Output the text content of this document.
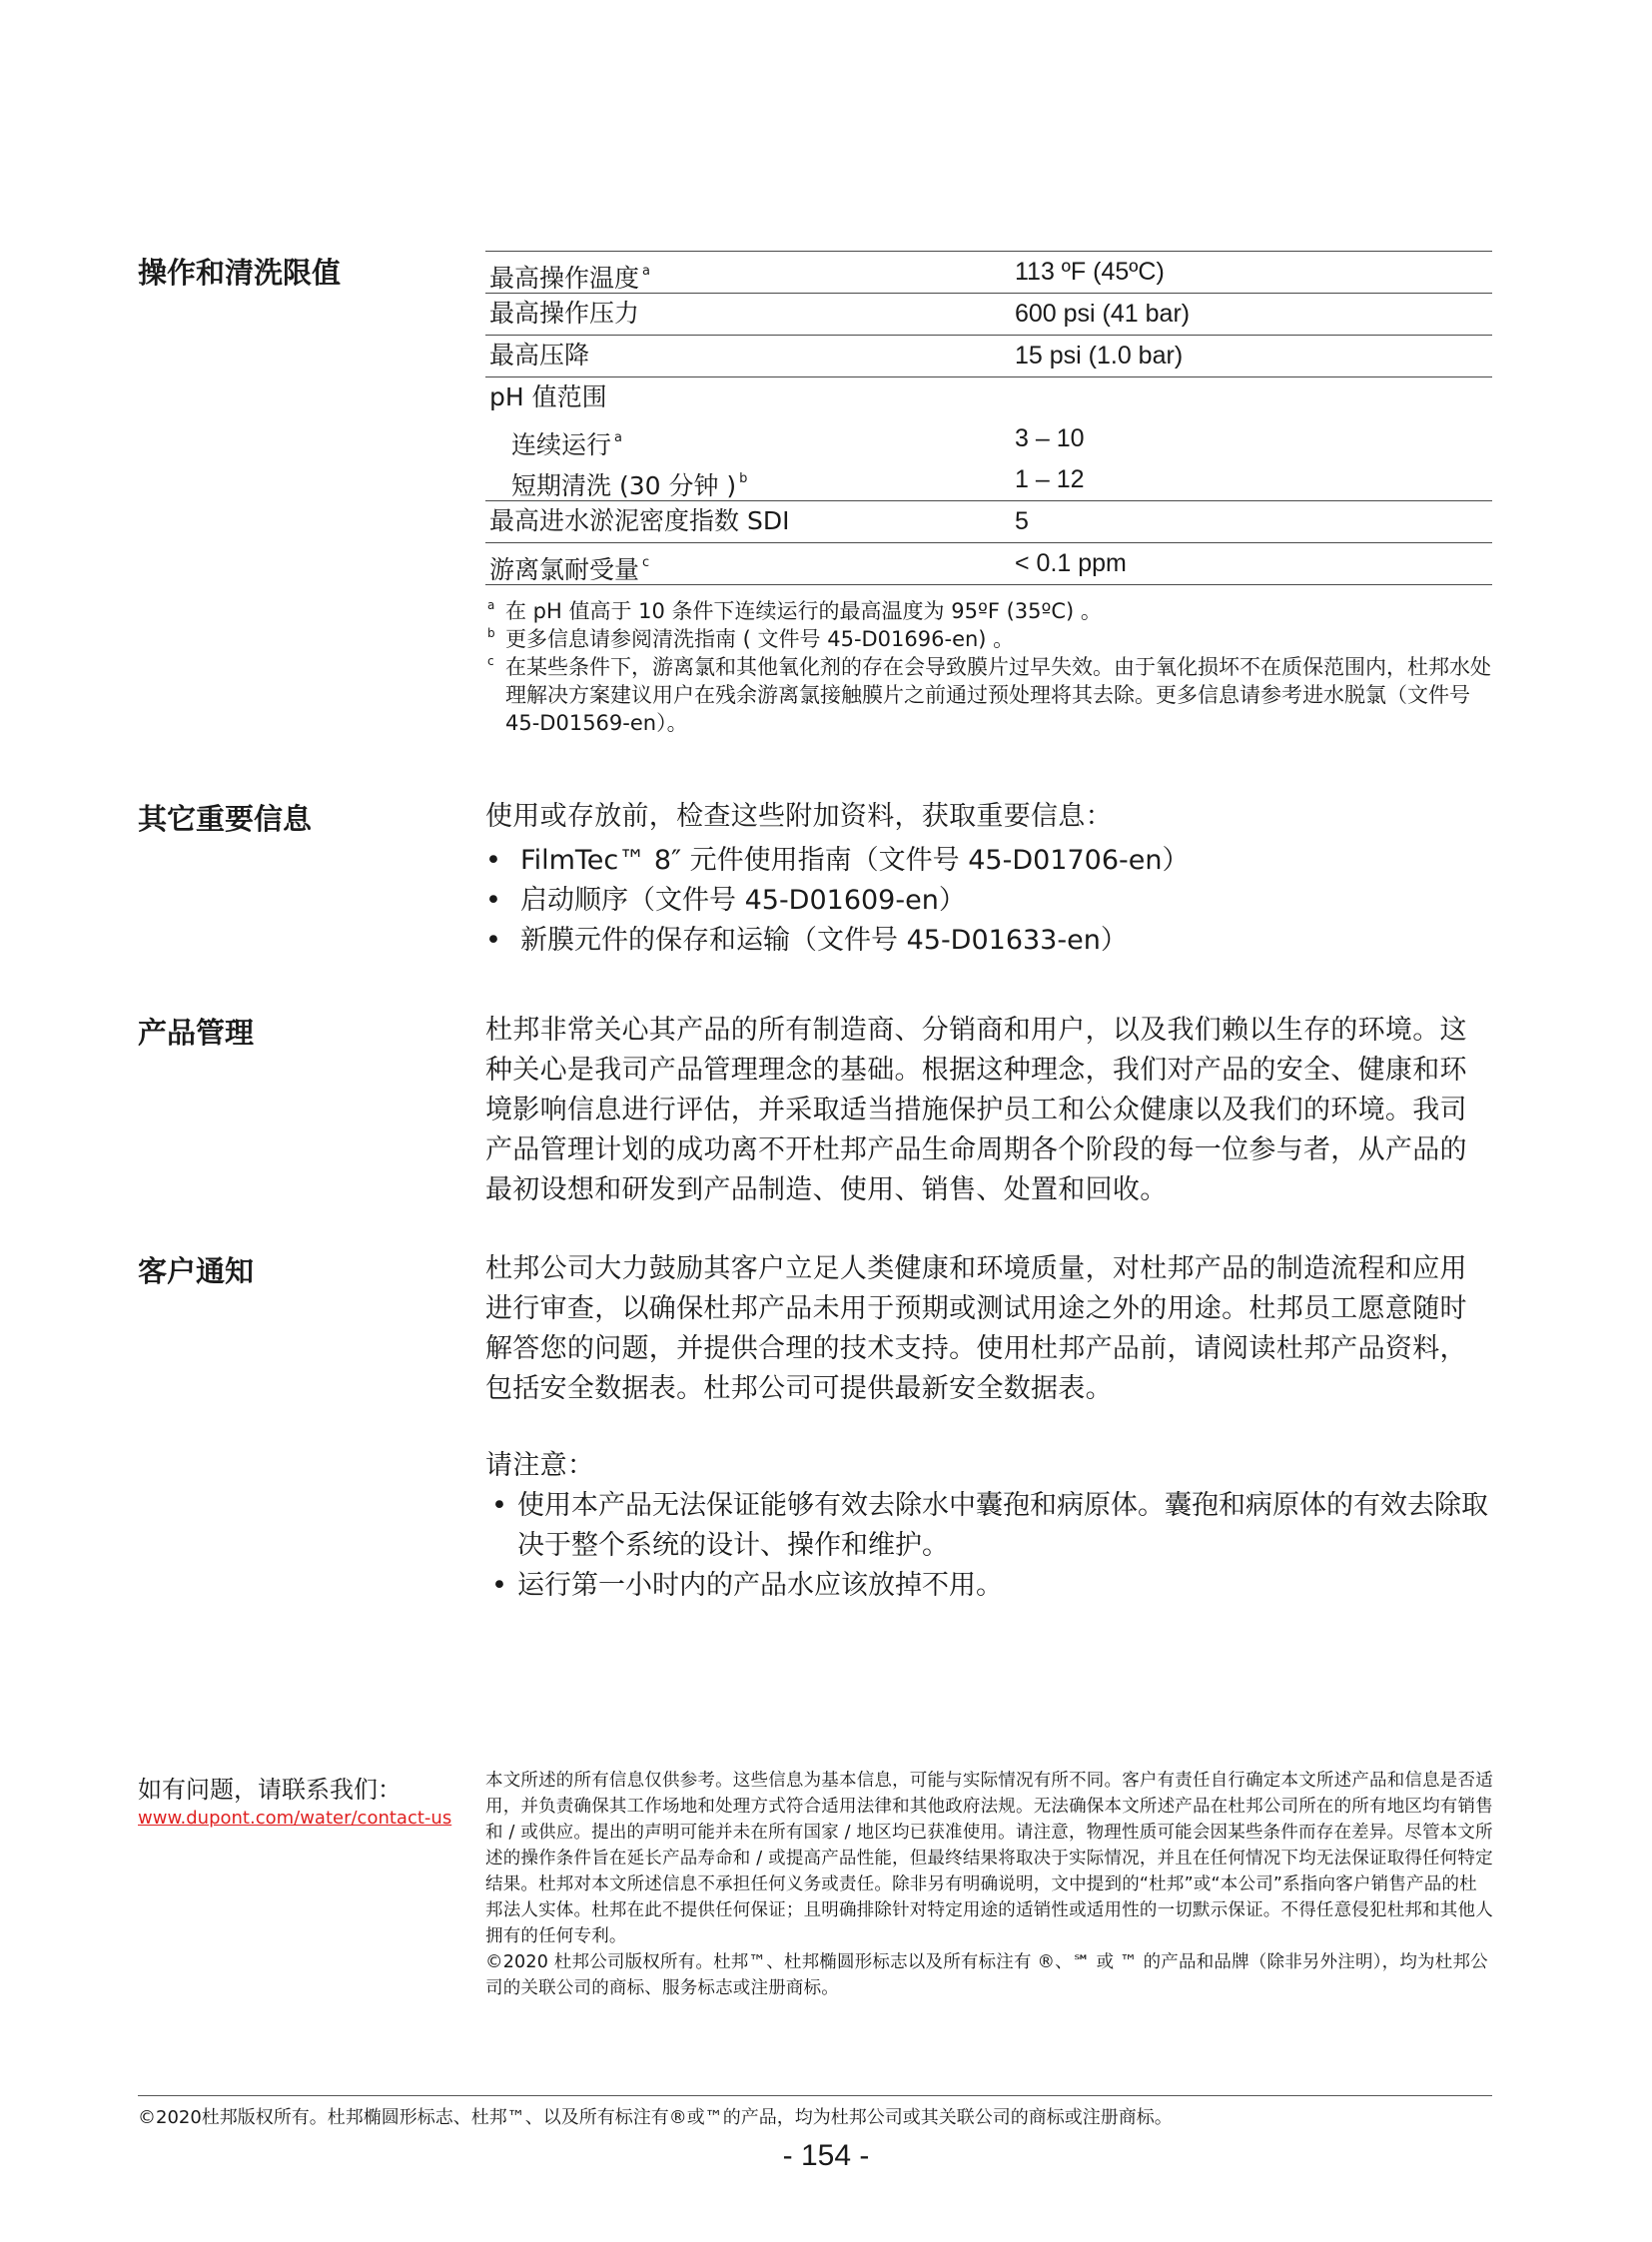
操作和清洗限值	最高操作温度 $^a$	113 ºF (45ºC)
最高操作压力	600 psi (41 bar)
最高压降	15 psi (1.0 bar)
pH 值范围
连续运行 $^a$	3 – 10
短期清洗 (30 分钟 ) $^b$	1 – 12
最高进水淤泥密度指数 SDI	5
游离氯耐受量 $^c$	< 0.1 ppm
a 在 pH 值高于 10 条件下连续运行的最高温度为 95ºF (35ºC) 。
b 更多信息请参阅清洗指南 ( 文件号 45-D01696-en) 。
c 在某些条件下，游离氯和其他氧化剂的存在会导致膜片过早失效。由于氧化损坏不在质保范围内，杜邦水处理解决方案建议用户在残余游离氯接触膜片之前通过预处理将其去除。更多信息请参考进水脱氯（文件号 45-D01569-en）。
其它重要信息	使用或存放前，检查这些附加资料，获取重要信息：

• FilmTec™ 8″ 元件使用指南（文件号 45-D01706-en）
• 启动顺序（文件号 45-D01609-en）
• 新膜元件的保存和运输（文件号 45-D01633-en）
产品管理	杜邦非常关心其产品的所有制造商、分销商和用户，以及我们赖以生存的环境。这种关心是我司产品管理理念的基础。根据这种理念，我们对产品的安全、健康和环境影响信息进行评估，并采取适当措施保护员工和公众健康以及我们的环境。我司产品管理计划的成功离不开杜邦产品生命周期各个阶段的每一位参与者，从产品的最初设想和研发到产品制造、使用、销售、处置和回收。

客户通知	杜邦公司大力鼓励其客户立足人类健康和环境质量，对杜邦产品的制造流程和应用进行审查，以确保杜邦产品未用于预期或测试用途之外的用途。杜邦员工愿意随时解答您的问题，并提供合理的技术支持。使用杜邦产品前，请阅读杜邦产品资料，包括安全数据表。杜邦公司可提供最新安全数据表。

请注意：

• 使用本产品无法保证能够有效去除水中囊孢和病原体。囊孢和病原体的有效去除取决于整个系统的设计、操作和维护。
• 运行第一小时内的产品水应该放掉不用。

如有问题，请联系我们：

www.dupont.com/water/contact-us
本文所述的所有信息仅供参考。这些信息为基本信息，可能与实际情况有所不同。客户有责任自行确定本文所述产品和信息是否适用，并负责确保其工作场地和处理方式符合适用法律和其他政府法规。无法确保本文所述产品在杜邦公司所在的所有地区均有销售和 / 或供应。提出的声明可能并未在所有国家 / 地区均已获准使用。请注意，物理性质可能会因某些条件而存在差异。尽管本文所述的操作条件旨在延长产品寿命和 / 或提高产品性能，但最终结果将取决于实际情况，并且在任何情况下均无法保证取得任何特定结果。杜邦对本文所述信息不承担任何义务或责任。除非另有明确说明，文中提到的“杜邦”或“本公司”系指向客户销售产品的杜邦法人实体。杜邦在此不提供任何保证；且明确排除针对特定用途的适销性或适用性的一切默示保证。不得任意侵犯杜邦和其他人拥有的任何专利。
©2020 杜邦公司版权所有。杜邦™、杜邦椭圆形标志以及所有标注有 ®、℠ 或 ™ 的产品和品牌（除非另外注明），均为杜邦公司的关联公司的商标、服务标志或注册商标。
©2020杜邦版权所有。杜邦椭圆形标志、杜邦™、以及所有标注有®或™的产品，均为杜邦公司或其关联公司的商标或注册商标。
- 154 -
